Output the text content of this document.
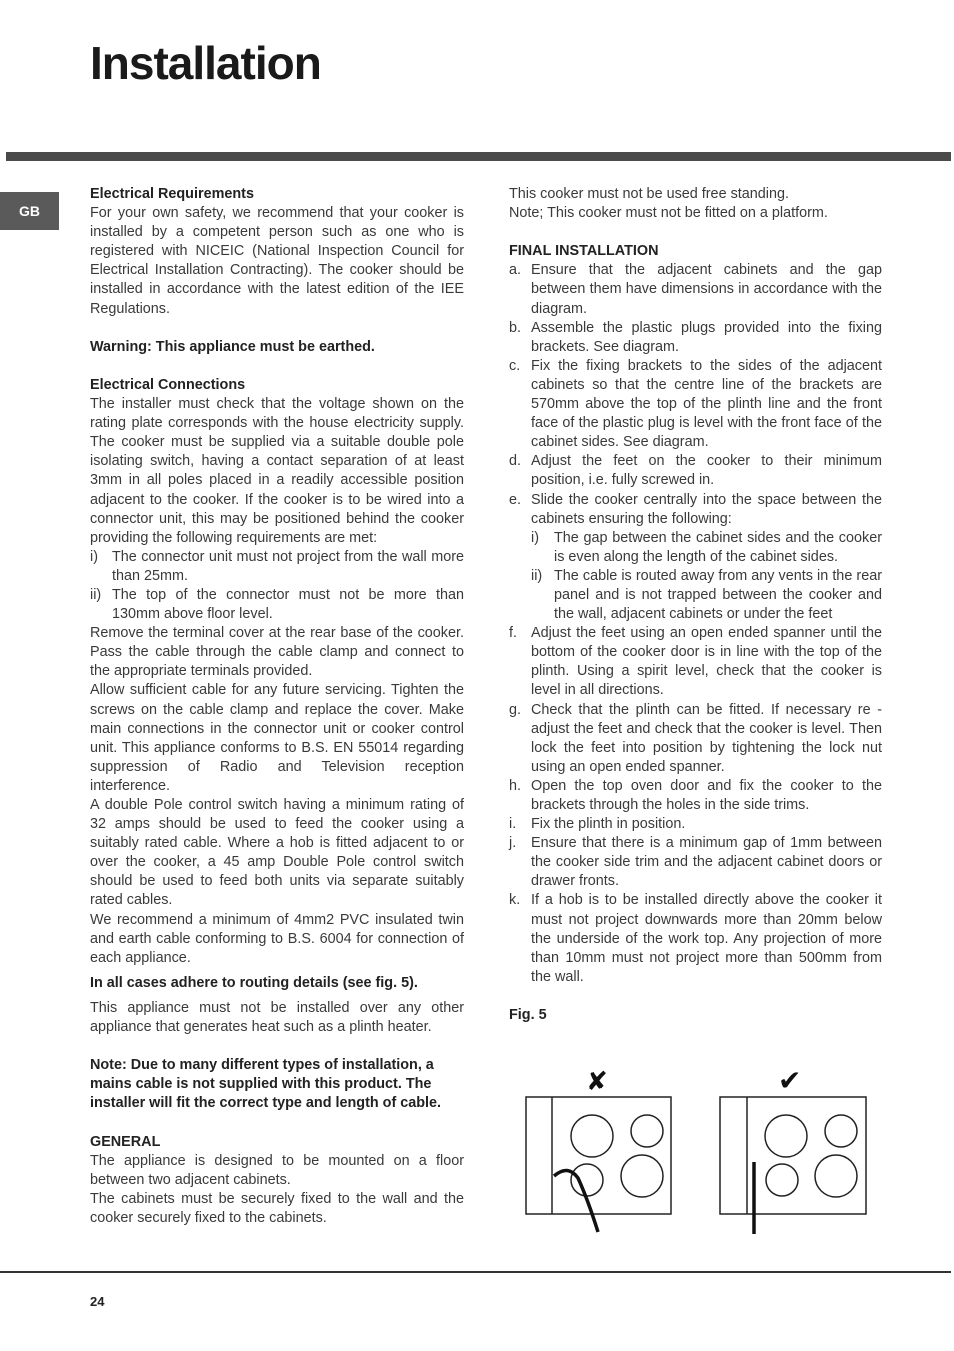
Installation
GB

Electrical Requirements

For your own safety, we recommend that your cooker is installed by a competent person such as one who is registered with NICEIC (National Inspection Council for Electrical Installation Contracting). The cooker should be installed in accordance with the latest edition of the IEE Regulations.

Warning: This appliance must be earthed.

Electrical Connections

The installer must check that the voltage shown on the rating plate corresponds with the house electricity supply. The cooker must be supplied via a suitable double pole isolating switch, having a contact separation of at least 3mm in all poles placed in a readily accessible position adjacent to the cooker. If the cooker is to be wired into a connector unit, this may be positioned behind the cooker providing the following requirements are met:

i) The connector unit must not project from the wall more than 25mm.
ii) The top of the connector must not be more than 130mm above floor level.

Remove the terminal cover at the rear base of the cooker. Pass the cable through the cable clamp and connect to the appropriate terminals provided.

Allow sufficient cable for any future servicing. Tighten the screws on the cable clamp and replace the cover. Make main connections in the connector unit or cooker control unit. This appliance conforms to B.S. EN 55014 regarding suppression of Radio and Television reception interference.

A double Pole control switch having a minimum rating of 32 amps should be used to feed the cooker using a suitably rated cable. Where a hob is fitted adjacent to or over the cooker, a 45 amp Double Pole control switch should be used to feed both units via separate suitably rated cables.

We recommend a minimum of 4mm2 PVC insulated twin and earth cable conforming to B.S. 6004 for connection of each appliance.

In all cases adhere to routing details (see fig. 5).

This appliance must not be installed over any other appliance that generates heat such as a plinth heater.

Note: Due to many different types of installation, a mains cable is not supplied with this product. The installer will fit the correct type and length of cable.

GENERAL

The appliance is designed to be mounted on a floor between two adjacent cabinets.

The cabinets must be securely fixed to the wall and the cooker securely fixed to the cabinets.

This cooker must not be used free standing.

Note; This cooker must not be fitted on a platform.

FINAL INSTALLATION

a. Ensure that the adjacent cabinets and the gap between them have dimensions in accordance with the diagram.
b. Assemble the plastic plugs provided into the fixing brackets. See diagram.
c. Fix the fixing brackets to the sides of the adjacent cabinets so that the centre line of the brackets are 570mm above the top of the plinth line and the front face of the plastic plug is level with the front face of the cabinet sides. See diagram.
d. Adjust the feet on the cooker to their minimum position, i.e. fully screwed in.
e. Slide the cooker centrally into the space between the cabinets ensuring the following:
i)	The gap between the cabinet sides and the cooker is even along the length of the cabinet sides.
ii) The cable is routed away from any vents in the rear panel and is not trapped between the cooker and the wall, adjacent cabinets or under the feet
f. Adjust the feet using an open ended spanner until the bottom of the cooker door is in line with the top of the plinth. Using a spirit level, check that the cooker is level in all directions.
g. Check that the plinth can be fitted. If necessary re - adjust the feet and check that the cooker is level. Then lock the feet into position by tightening the lock nut using an open ended spanner.
h. Open the top oven door and fix the cooker to the brackets through the holes in the side trims.
i.	Fix the plinth in position.
j.	Ensure that there is a minimum gap of 1mm between the cooker side trim and the adjacent cabinet doors or drawer fronts.
k. If a hob is to be installed directly above the cooker it must not project downwards more than 20mm below the underside of the work top. Any projection of more than 10mm must not project more than 500mm from the wall.

Fig. 5

✘	✔
24
